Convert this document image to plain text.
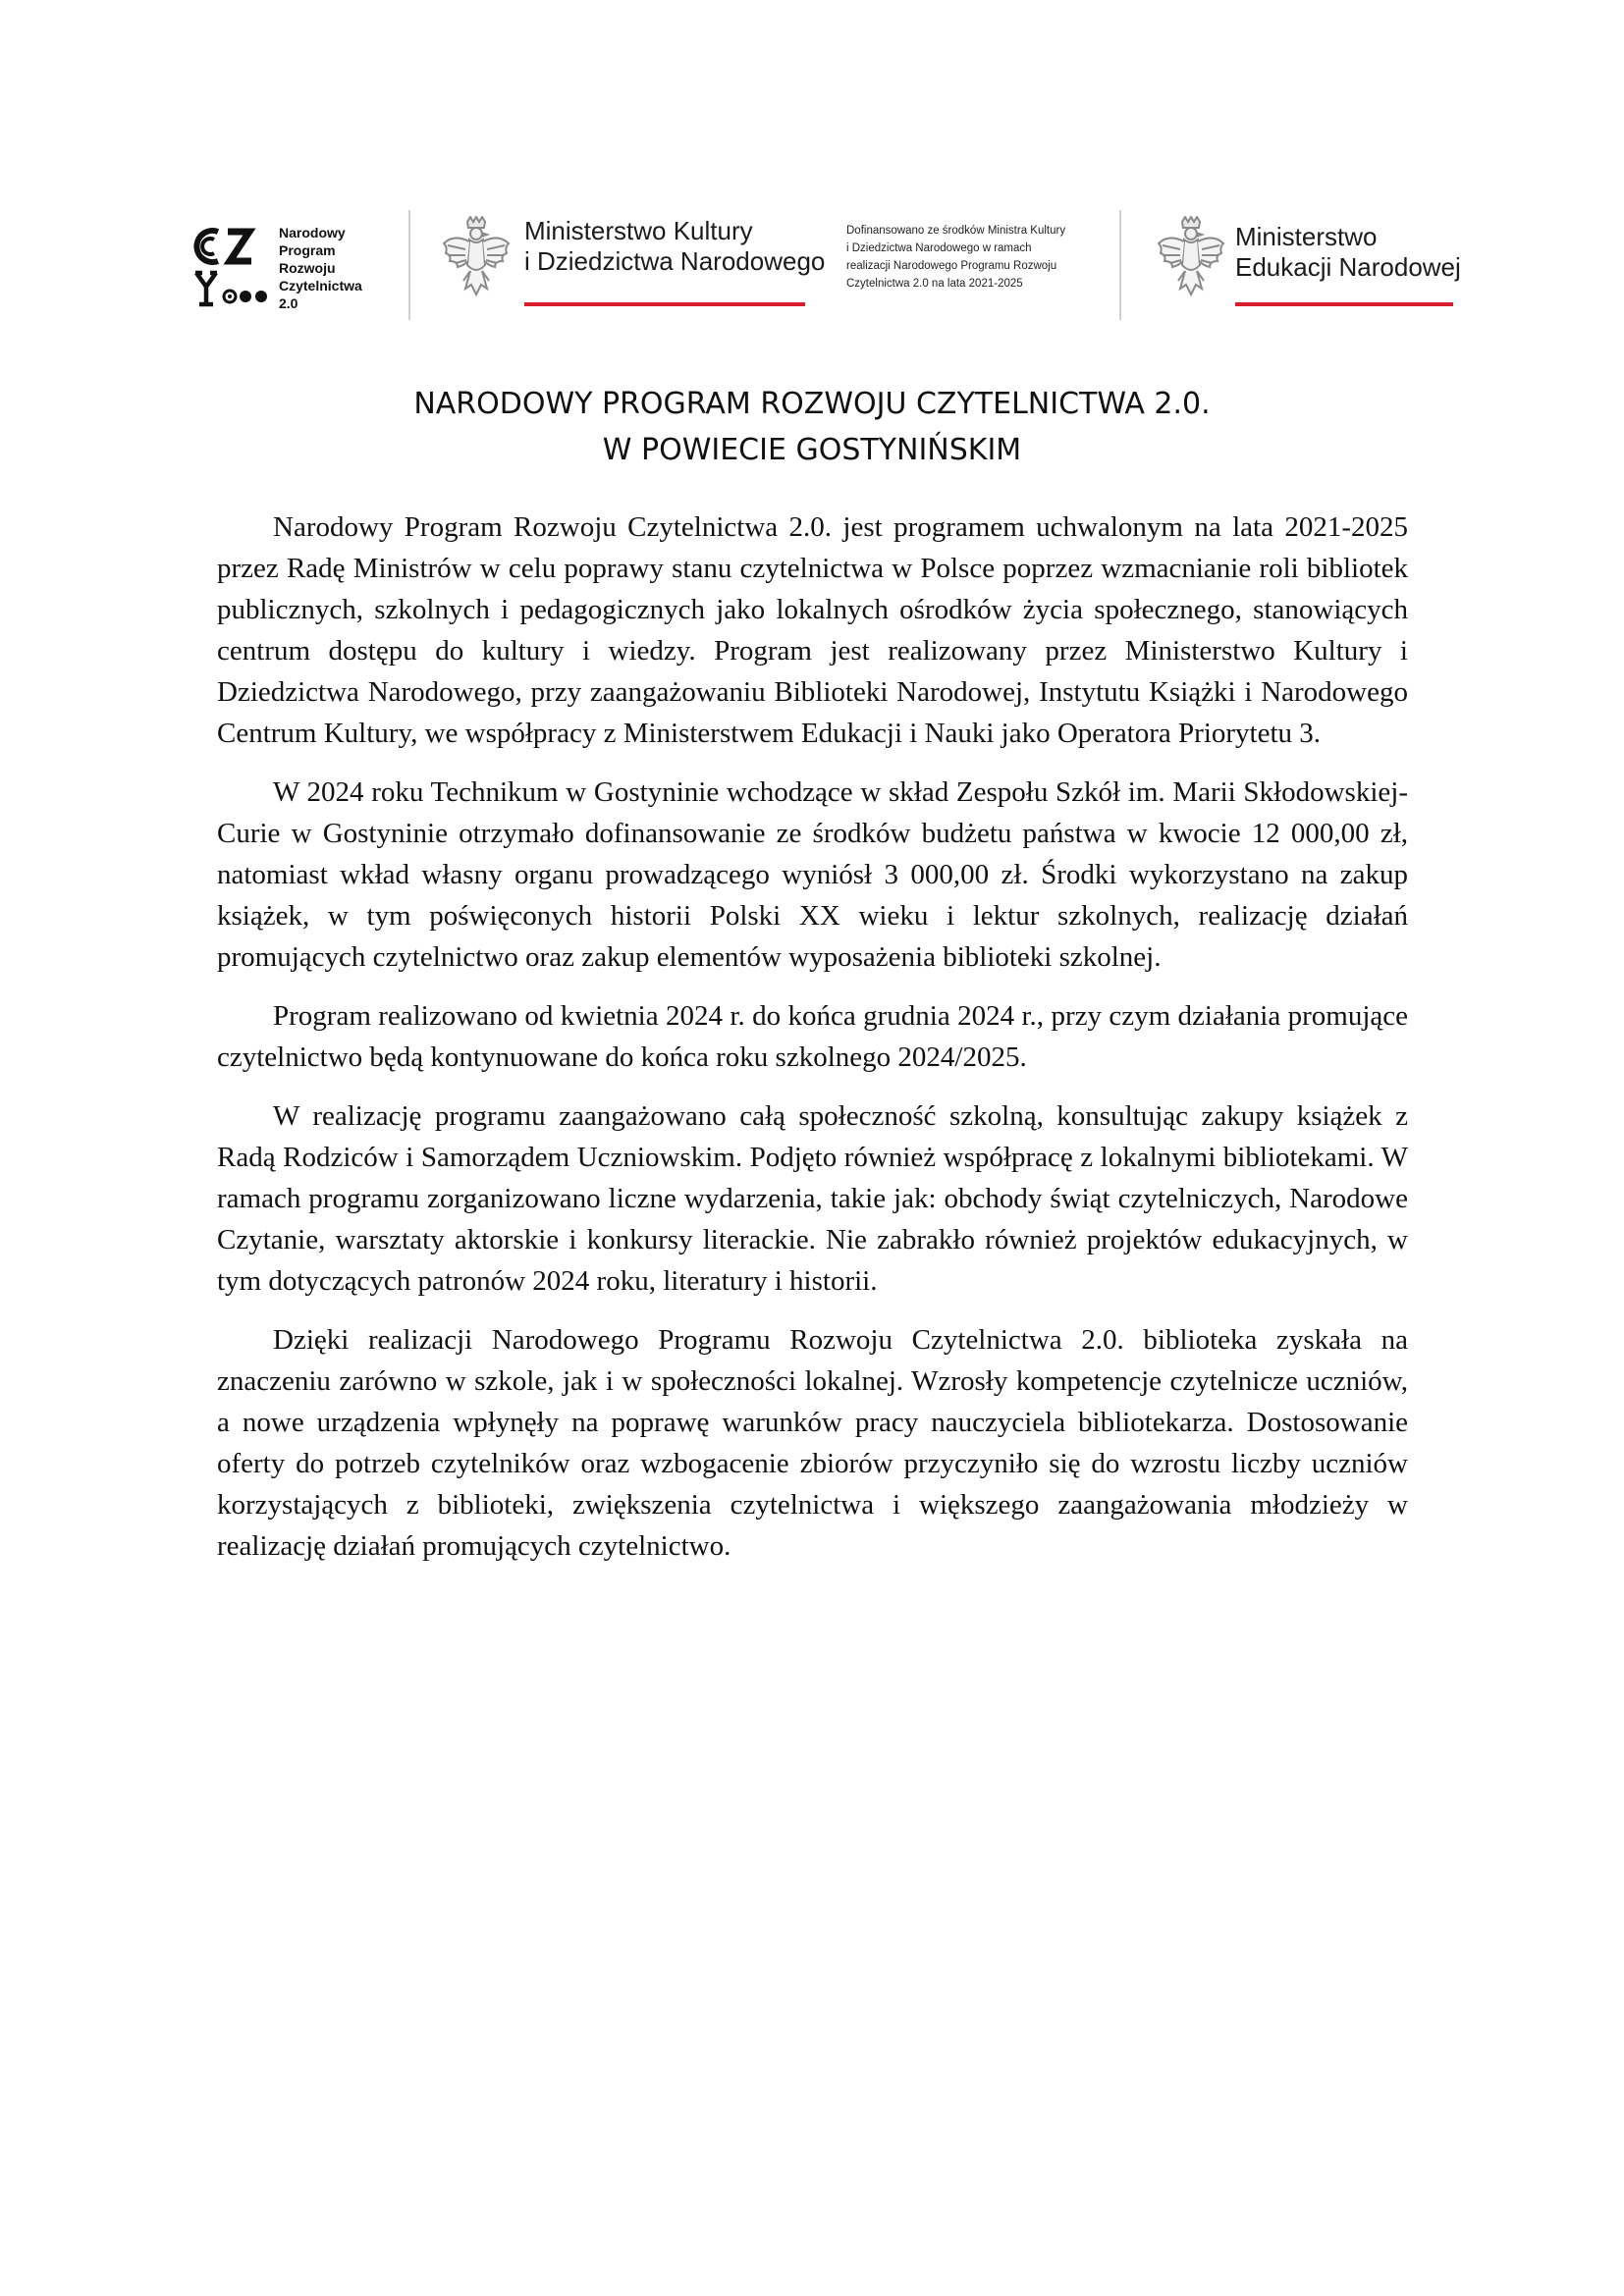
Narodowy
Program
Rozwoju
Czytelnictwa
2.0
Ministerstwo Kultury
i Dziedzictwa Narodowego
Dofinansowano ze środków Ministra Kultury
i Dziedzictwa Narodowego w ramach
realizacji Narodowego Programu Rozwoju
Czytelnictwa 2.0 na lata 2021-2025
Ministerstwo
Edukacji Narodowej
NARODOWY PROGRAM ROZWOJU CZYTELNICTWA 2.0.
W POWIECIE GOSTYNIŃSKIM

Narodowy Program Rozwoju Czytelnictwa 2.0. jest programem uchwalonym na lata 2021-2025 przez Radę Ministrów w celu poprawy stanu czytelnictwa w Polsce poprzez wzmacnianie roli bibliotek publicznych, szkolnych i pedagogicznych jako lokalnych ośrodków życia społecznego, stanowiących centrum dostępu do kultury i wiedzy. Program jest realizowany przez Ministerstwo Kultury i Dziedzictwa Narodowego, przy zaangażowaniu Biblioteki Narodowej, Instytutu Książki i Narodowego Centrum Kultury, we współpracy z Ministerstwem Edukacji i Nauki jako Operatora Priorytetu 3.

W 2024 roku Technikum w Gostyninie wchodzące w skład Zespołu Szkół im. Marii Skłodowskiej-Curie w Gostyninie otrzymało dofinansowanie ze środków budżetu państwa w kwocie 12 000,00 zł, natomiast wkład własny organu prowadzącego wyniósł 3 000,00 zł. Środki wykorzystano na zakup książek, w tym poświęconych historii Polski XX wieku i lektur szkolnych, realizację działań promujących czytelnictwo oraz zakup elementów wyposażenia biblioteki szkolnej.

Program realizowano od kwietnia 2024 r. do końca grudnia 2024 r., przy czym działania promujące czytelnictwo będą kontynuowane do końca roku szkolnego 2024/2025.

W realizację programu zaangażowano całą społeczność szkolną, konsultując zakupy książek z Radą Rodziców i Samorządem Uczniowskim. Podjęto również współpracę z lokalnymi bibliotekami. W ramach programu zorganizowano liczne wydarzenia, takie jak: obchody świąt czytelniczych, Narodowe Czytanie, warsztaty aktorskie i konkursy literackie. Nie zabrakło również projektów edukacyjnych, w tym dotyczących patronów 2024 roku, literatury i historii.

Dzięki realizacji Narodowego Programu Rozwoju Czytelnictwa 2.0. biblioteka zyskała na znaczeniu zarówno w szkole, jak i w społeczności lokalnej. Wzrosły kompetencje czytelnicze uczniów, a nowe urządzenia wpłynęły na poprawę warunków pracy nauczyciela bibliotekarza. Dostosowanie oferty do potrzeb czytelników oraz wzbogacenie zbiorów przyczyniło się do wzrostu liczby uczniów korzystających z biblioteki, zwiększenia czytelnictwa i większego zaangażowania młodzieży w realizację działań promujących czytelnictwo.
